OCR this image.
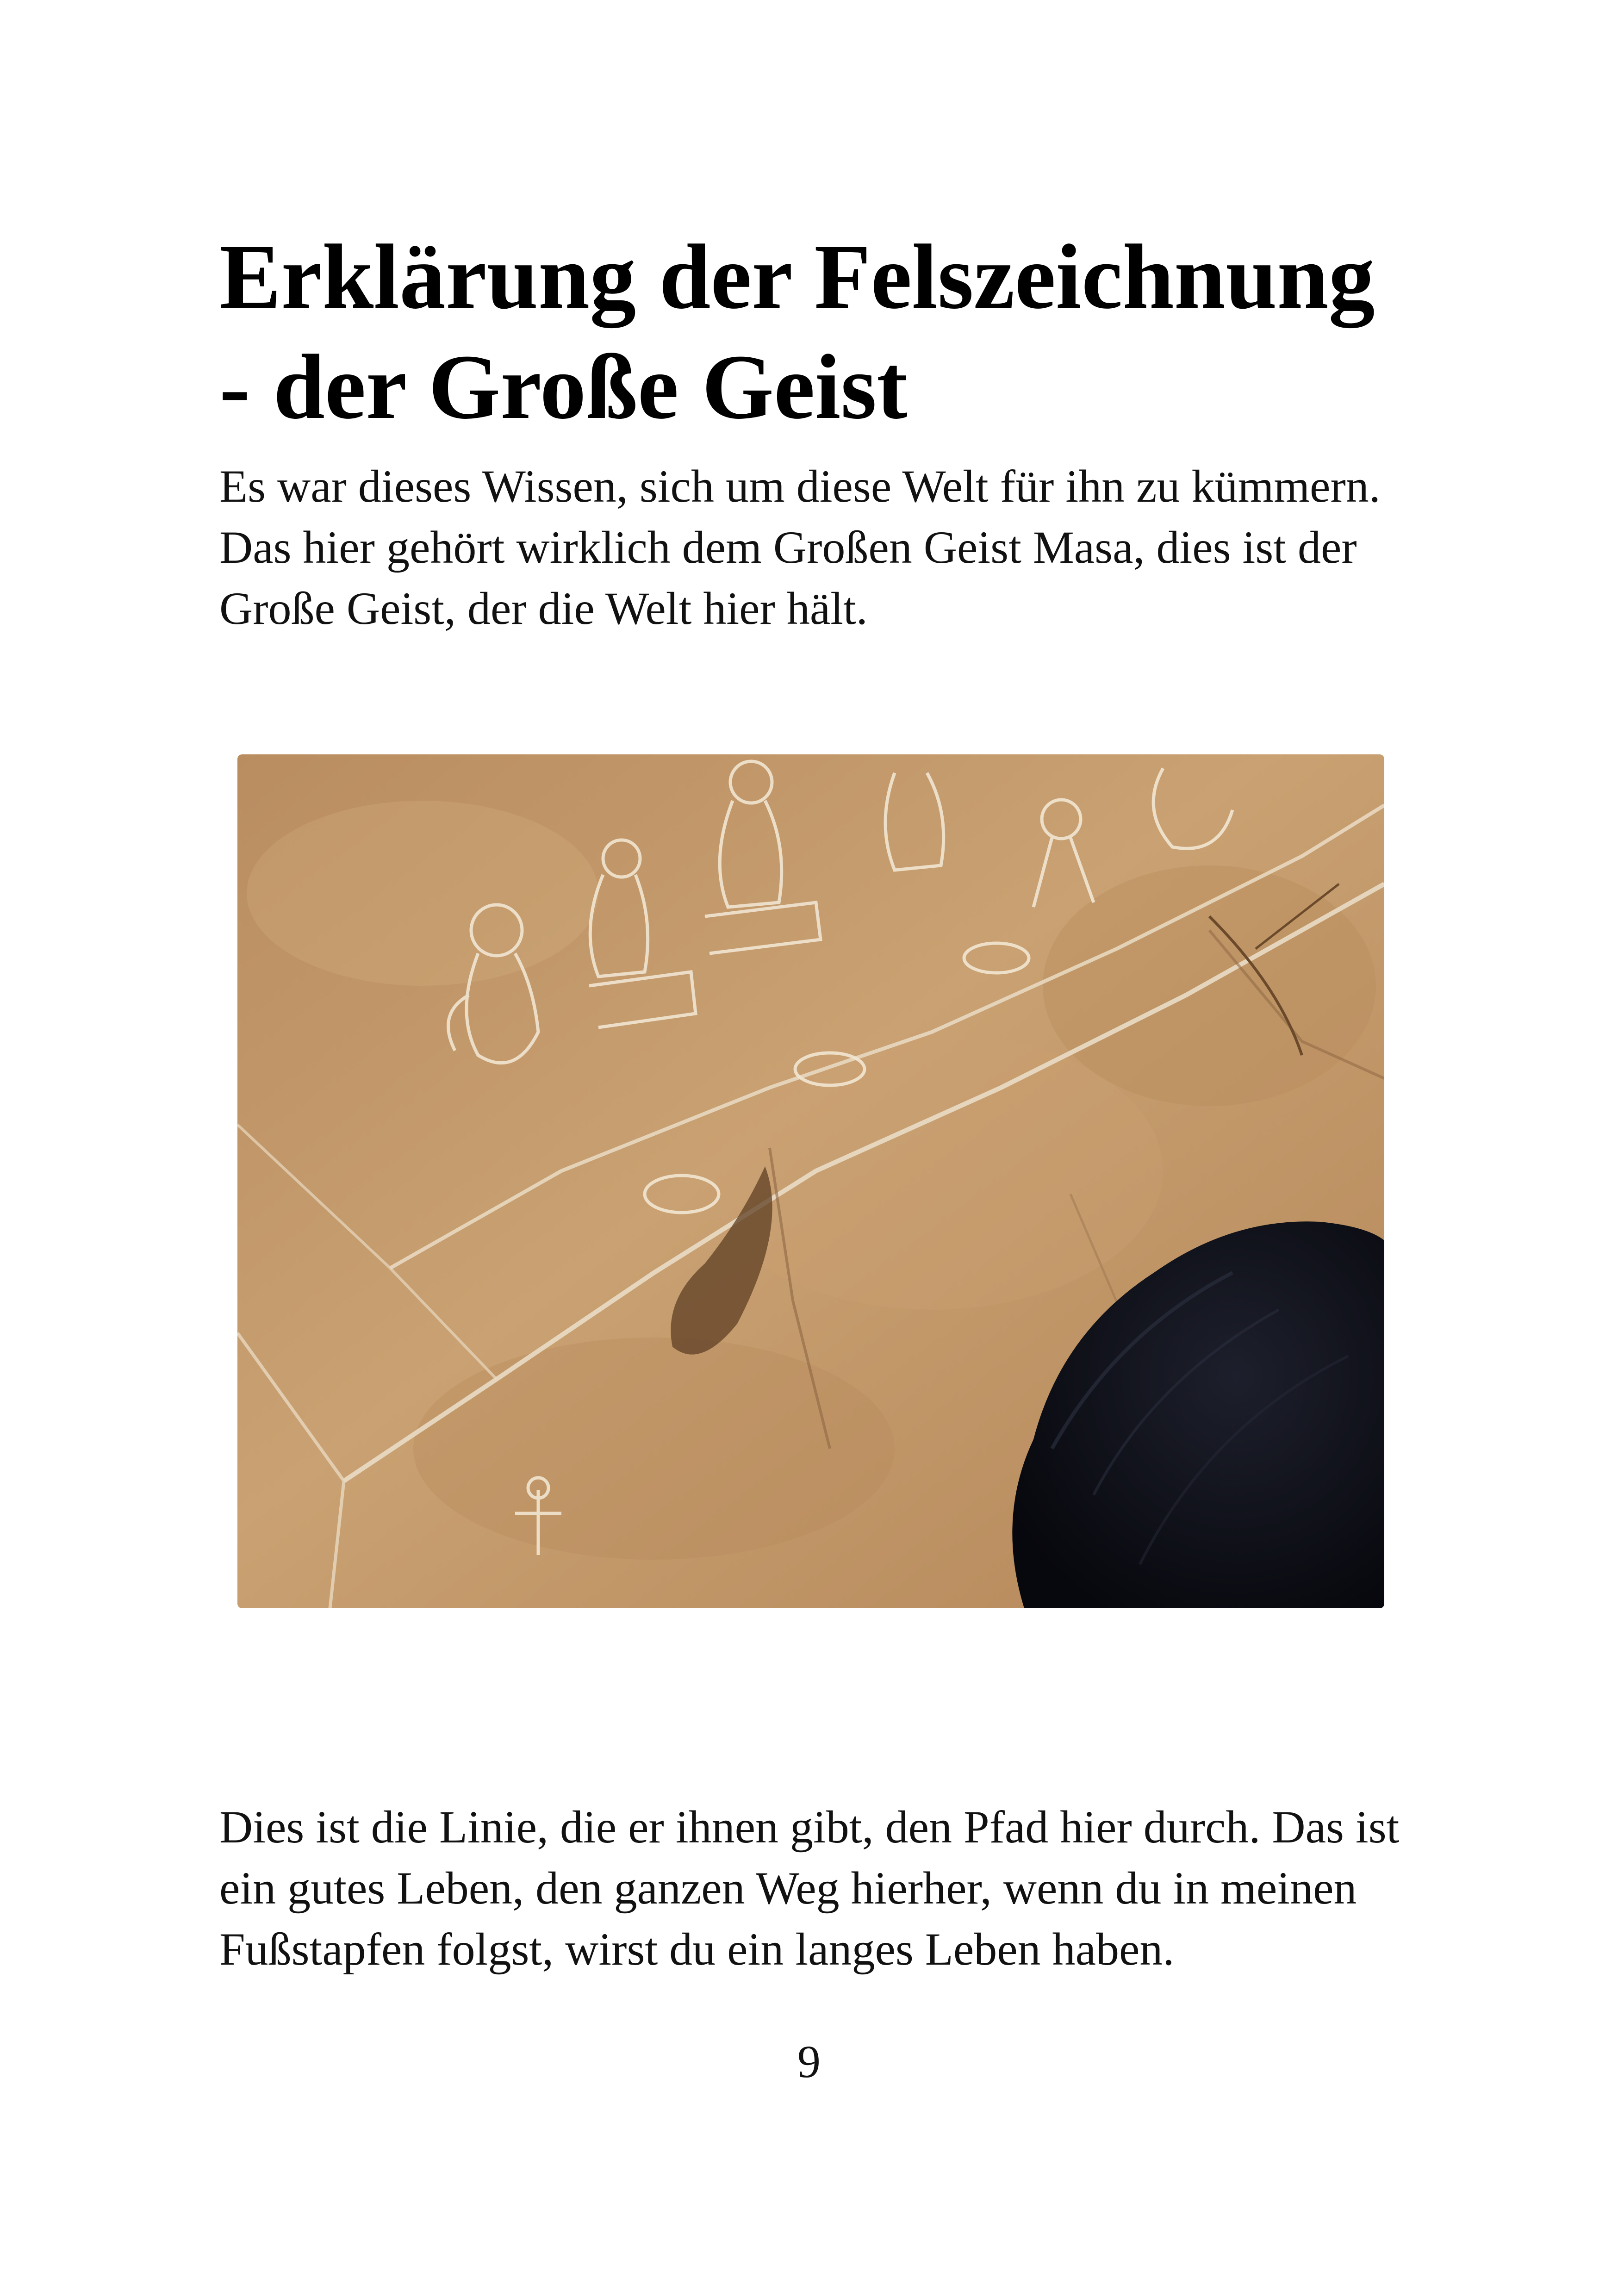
Erklärung der Felszeichnung - der Große Geist

Es war dieses Wissen, sich um diese Welt für ihn zu kümmern. Das hier gehört wirklich dem Großen Geist Masa, dies ist der Große Geist, der die Welt hier hält.

Dies ist die Linie, die er ihnen gibt, den Pfad hier durch. Das ist ein gutes Leben, den ganzen Weg hierher, wenn du in meinen Fußstapfen folgst, wirst du ein langes Leben haben.

9
